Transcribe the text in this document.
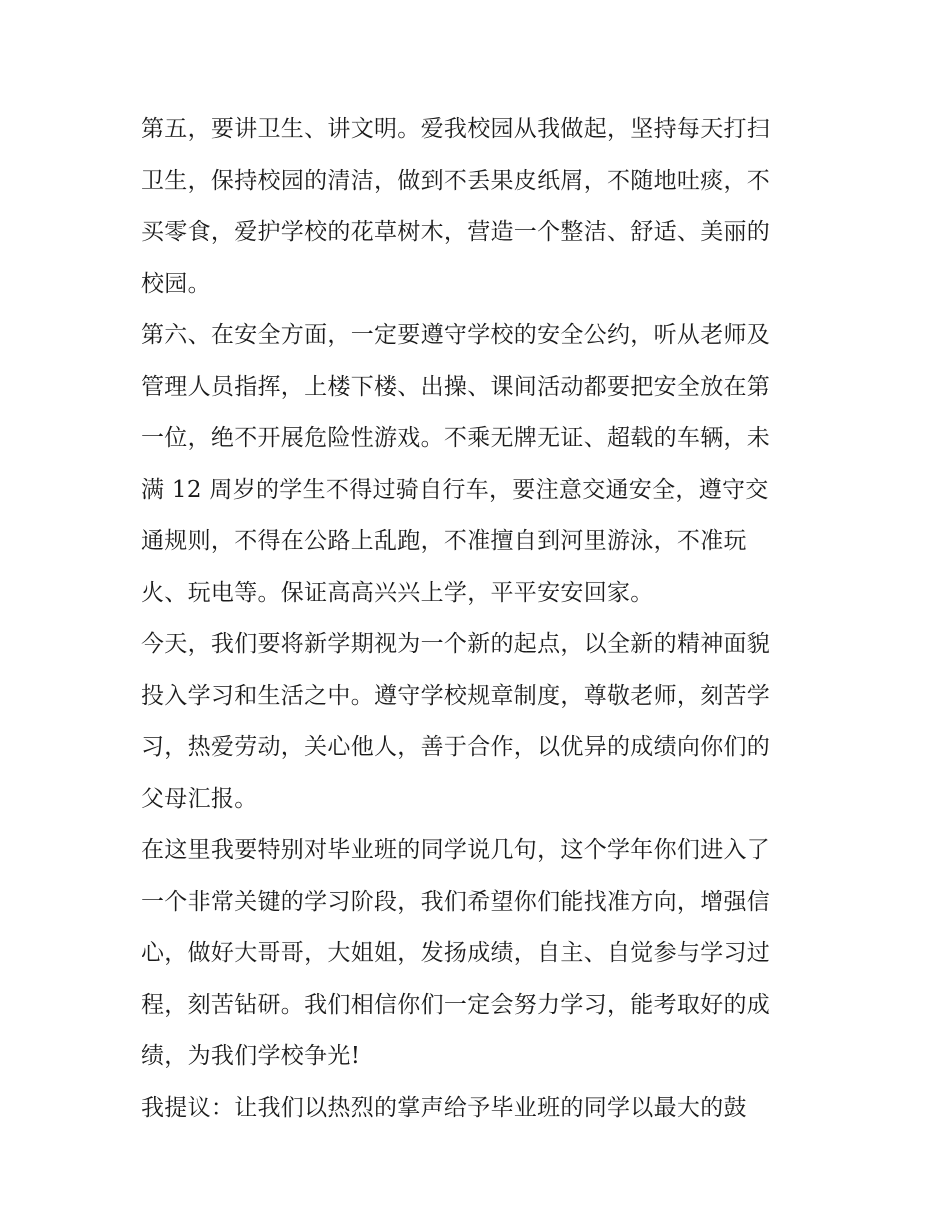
第五，要讲卫生、讲文明。爱我校园从我做起，坚持每天打扫
卫生，保持校园的清洁，做到不丢果皮纸屑，不随地吐痰，不
买零食，爱护学校的花草树木，营造一个整洁、舒适、美丽的
校园。
第六、在安全方面，一定要遵守学校的安全公约，听从老师及
管理人员指挥，上楼下楼、出操、课间活动都要把安全放在第
一位，绝不开展危险性游戏。不乘无牌无证、超载的车辆，未
满 12 周岁的学生不得过骑自行车，要注意交通安全，遵守交
通规则，不得在公路上乱跑，不准擅自到河里游泳，不准玩
火、玩电等。保证高高兴兴上学，平平安安回家。
今天，我们要将新学期视为一个新的起点，以全新的精神面貌
投入学习和生活之中。遵守学校规章制度，尊敬老师，刻苦学
习，热爱劳动，关心他人，善于合作，以优异的成绩向你们的
父母汇报。
在这里我要特别对毕业班的同学说几句，这个学年你们进入了
一个非常关键的学习阶段，我们希望你们能找准方向，增强信
心，做好大哥哥，大姐姐，发扬成绩，自主、自觉参与学习过
程，刻苦钻研。我们相信你们一定会努力学习，能考取好的成
绩，为我们学校争光!
我提议：让我们以热烈的掌声给予毕业班的同学以最大的鼓
